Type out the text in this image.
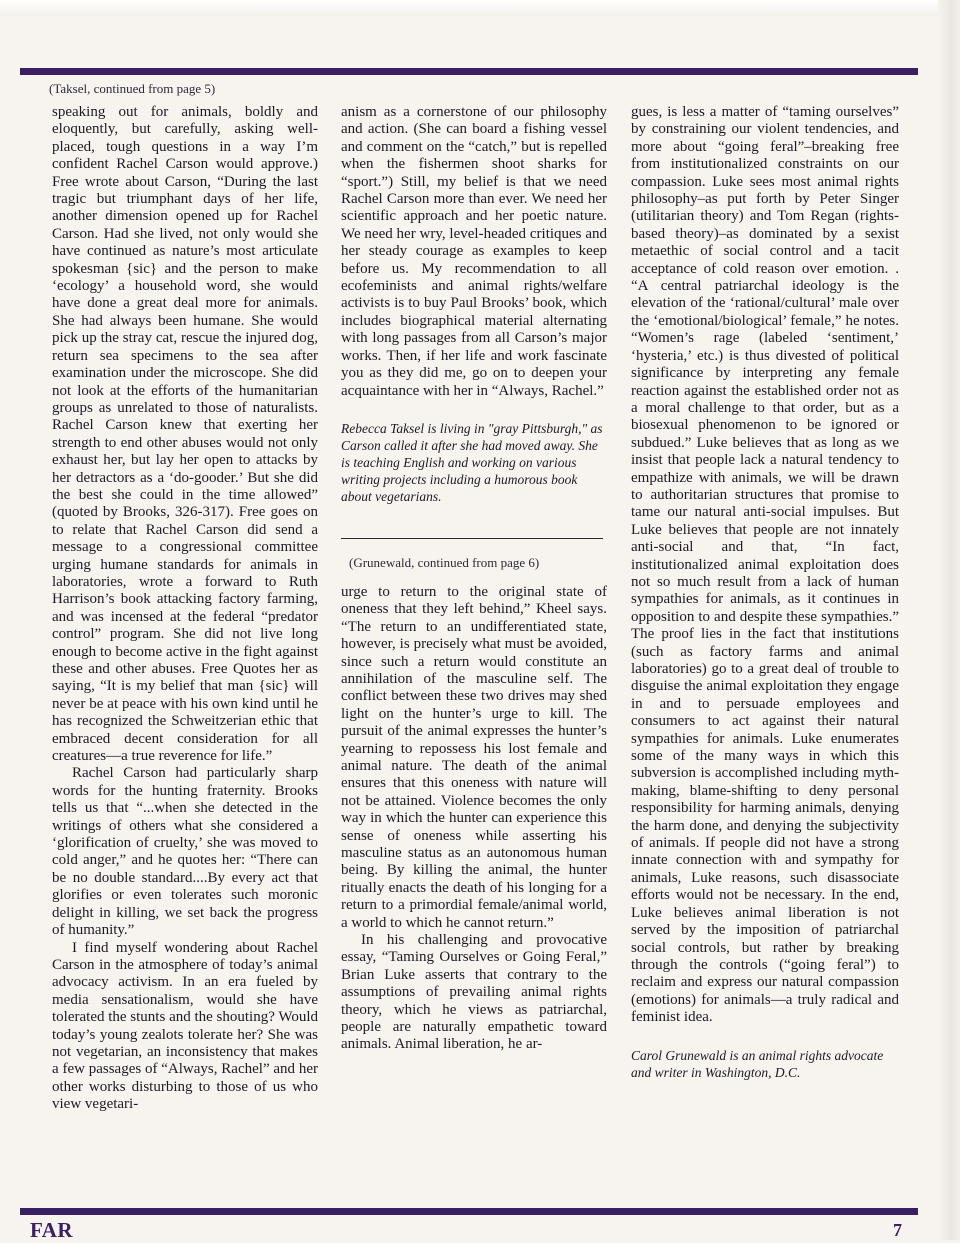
(Taksel, continued from page 5)

speaking out for animals, boldly and eloquently, but carefully, asking well-placed, tough questions in a way I’m confident Rachel Carson would approve.) Free wrote about Carson, “During the last tragic but triumphant days of her life, another dimension opened up for Rachel Carson. Had she lived, not only would she have continued as nature’s most articulate spokesman {sic} and the person to make ‘ecology’ a household word, she would have done a great deal more for animals. She had always been humane. She would pick up the stray cat, rescue the injured dog, return sea specimens to the sea after examination under the microscope. She did not look at the efforts of the humanitarian groups as unrelated to those of naturalists. Rachel Carson knew that exerting her strength to end other abuses would not only exhaust her, but lay her open to attacks by her detractors as a ‘do-gooder.’ But she did the best she could in the time allowed” (quoted by Brooks, 326-317). Free goes on to relate that Rachel Carson did send a message to a congressional committee urging humane standards for animals in laboratories, wrote a forward to Ruth Harrison’s book attacking factory farming, and was incensed at the federal “predator control” program. She did not live long enough to become active in the fight against these and other abuses. Free Quotes her as saying, “It is my belief that man {sic} will never be at peace with his own kind until he has recognized the Schweitzerian ethic that embraced decent consideration for all creatures—a true reverence for life.”

Rachel Carson had particularly sharp words for the hunting fraternity. Brooks tells us that “...when she detected in the writings of others what she considered a ‘glorification of cruelty,’ she was moved to cold anger,” and he quotes her: “There can be no double standard....By every act that glorifies or even tolerates such moronic delight in killing, we set back the progress of humanity.”

I find myself wondering about Rachel Carson in the atmosphere of today’s animal advocacy activism. In an era fueled by media sensationalism, would she have tolerated the stunts and the shouting? Would today’s young zealots tolerate her? She was not vegetarian, an inconsistency that makes a few passages of “Always, Rachel” and her other works disturbing to those of us who view vegetari-

anism as a cornerstone of our philosophy and action. (She can board a fishing vessel and comment on the “catch,” but is repelled when the fishermen shoot sharks for “sport.”) Still, my belief is that we need Rachel Carson more than ever. We need her scientific approach and her poetic nature. We need her wry, level-headed critiques and her steady courage as examples to keep before us. My recommendation to all ecofeminists and animal rights/welfare activists is to buy Paul Brooks’ book, which includes biographical material alternating with long passages from all Carson’s major works. Then, if her life and work fascinate you as they did me, go on to deepen your acquaintance with her in “Always, Rachel.”

Rebecca Taksel is living in "gray Pittsburgh," as Carson called it after she had moved away. She is teaching English and working on various writing projects including a humorous book about vegetarians.

(Grunewald, continued from page 6)

urge to return to the original state of oneness that they left behind,” Kheel says. “The return to an undifferentiated state, however, is precisely what must be avoided, since such a return would constitute an annihilation of the masculine self. The conflict between these two drives may shed light on the hunter’s urge to kill. The pursuit of the animal expresses the hunter’s yearning to repossess his lost female and animal nature. The death of the animal ensures that this oneness with nature will not be attained. Violence becomes the only way in which the hunter can experience this sense of oneness while asserting his masculine status as an autonomous human being. By killing the animal, the hunter ritually enacts the death of his longing for a return to a primordial female/animal world, a world to which he cannot return.”

In his challenging and provocative essay, “Taming Ourselves or Going Feral,” Brian Luke asserts that contrary to the assumptions of prevailing animal rights theory, which he views as patriarchal, people are naturally empathetic toward animals. Animal liberation, he ar-

gues, is less a matter of “taming ourselves” by constraining our violent tendencies, and more about “going feral”–breaking free from institutionalized constraints on our compassion. Luke sees most animal rights philosophy–as put forth by Peter Singer (utilitarian theory) and Tom Regan (rights-based theory)–as dominated by a sexist metaethic of social control and a tacit acceptance of cold reason over emotion. . “A central patriarchal ideology is the elevation of the ‘rational/cultural’ male over the ‘emotional/biological’ female,” he notes. “Women’s rage (labeled ‘sentiment,’ ‘hysteria,’ etc.) is thus divested of political significance by interpreting any female reaction against the established order not as a moral challenge to that order, but as a biosexual phenomenon to be ignored or subdued.” Luke believes that as long as we insist that people lack a natural tendency to empathize with animals, we will be drawn to authoritarian structures that promise to tame our natural anti-social impulses. But Luke believes that people are not innately anti-social and that, “In fact, institutionalized animal exploitation does not so much result from a lack of human sympathies for animals, as it continues in opposition to and despite these sympathies.” The proof lies in the fact that institutions (such as factory farms and animal laboratories) go to a great deal of trouble to disguise the animal exploitation they engage in and to persuade employees and consumers to act against their natural sympathies for animals. Luke enumerates some of the many ways in which this subversion is accomplished including myth-making, blame-shifting to deny personal responsibility for harming animals, denying the harm done, and denying the subjectivity of animals. If people did not have a strong innate connection with and sympathy for animals, Luke reasons, such disassociate efforts would not be necessary. In the end, Luke believes animal liberation is not served by the imposition of patriarchal social controls, but rather by breaking through the controls (“going feral”) to reclaim and express our natural compassion (emotions) for animals—a truly radical and feminist idea.

Carol Grunewald is an animal rights advocate and writer in Washington, D.C.

FAR	7
